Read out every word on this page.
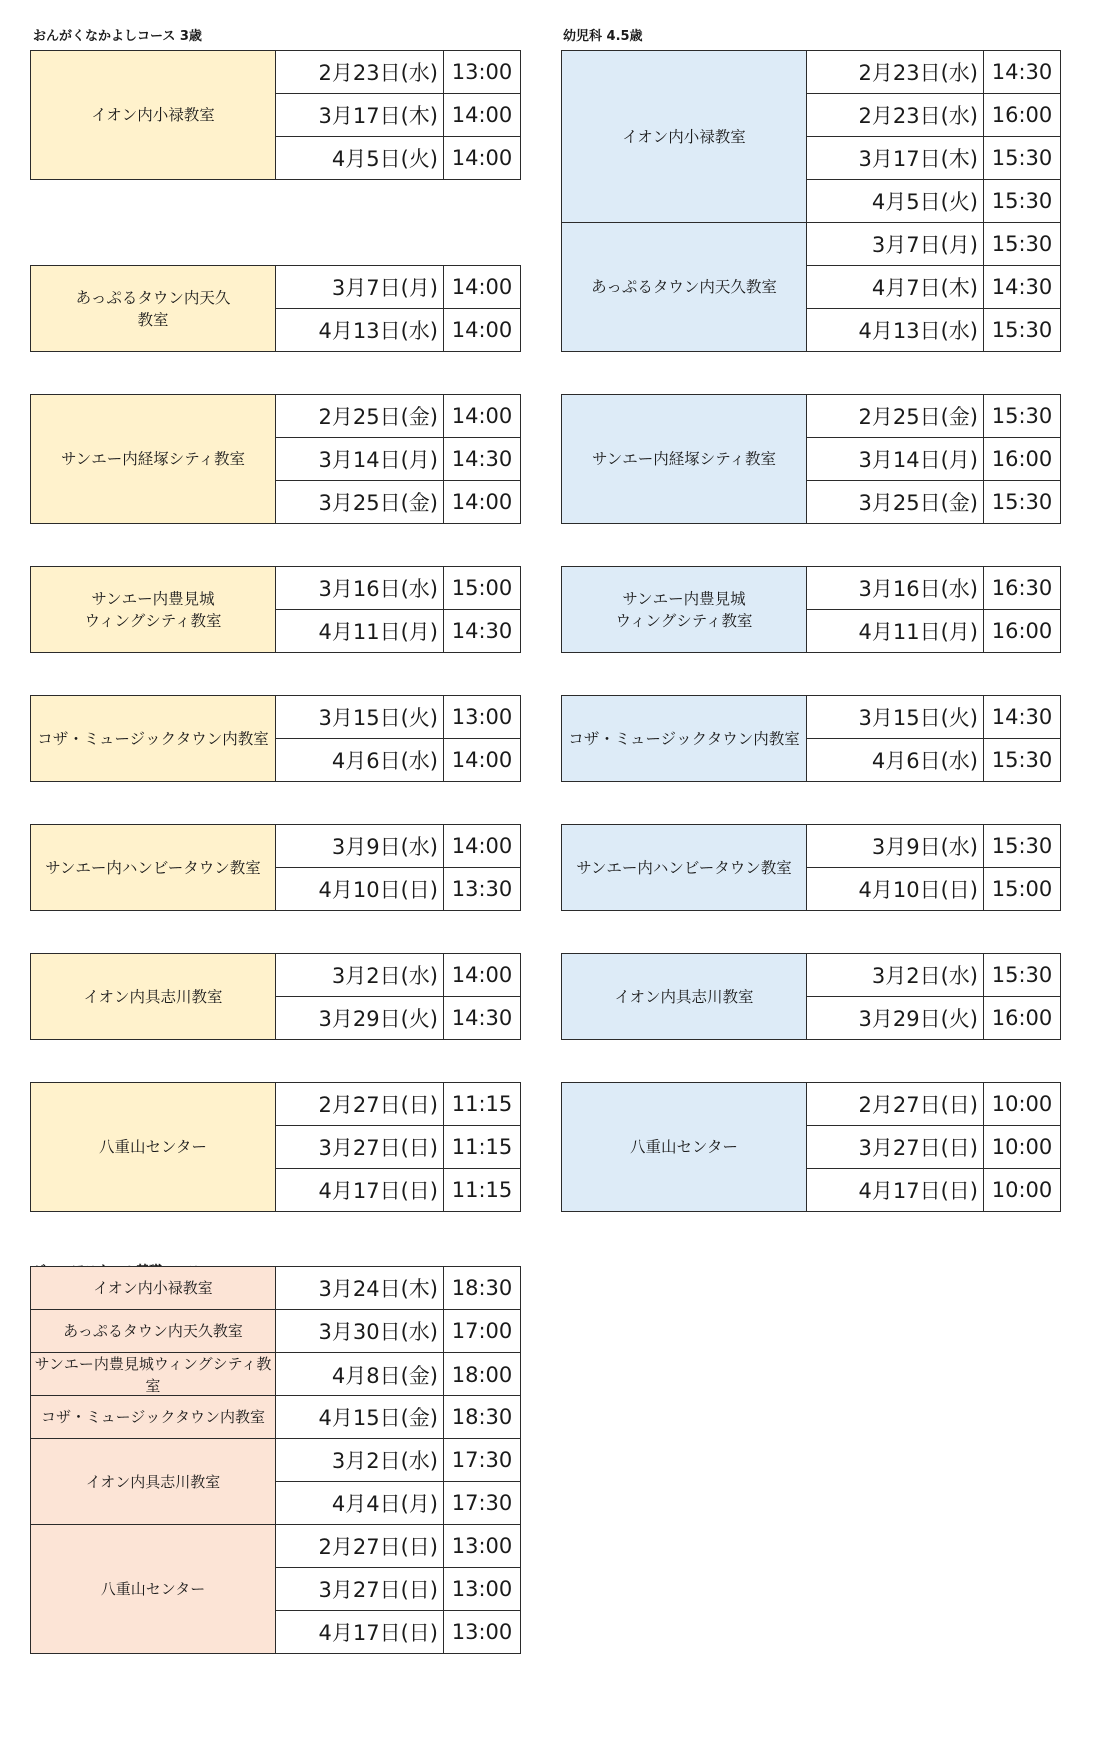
おんがくなかよしコース 3歳	幼児科 4.5歳
イオン内小禄教室	2月23日(水)	13:00
	3月17日(木)	14:00
	4月5日(火)	14:00
あっぷるタウン内天久
教室	3月7日(月)	14:00
	4月13日(水)	14:00
サンエー内経塚シティ教室	2月25日(金)	14:00
	3月14日(月)	14:30
	3月25日(金)	14:00
サンエー内豊見城
ウィングシティ教室	3月16日(水)	15:00
	4月11日(月)	14:30
コザ・ミュージックタウン内教室	3月15日(火)	13:00
	4月6日(水)	14:00
サンエー内ハンビータウン教室	3月9日(水)	14:00
	4月10日(日)	13:30
イオン内具志川教室	3月2日(水)	14:00
	3月29日(火)	14:30
八重山センター	2月27日(日)	11:15
	3月27日(日)	11:15
	4月17日(日)	11:15
イオン内小禄教室	2月23日(水)	14:30
	2月23日(水)	16:00
	3月17日(木)	15:30
	4月5日(火)	15:30
あっぷるタウン内天久教室	3月7日(月)	15:30
	4月7日(木)	14:30
	4月13日(水)	15:30
サンエー内経塚シティ教室	2月25日(金)	15:30
	3月14日(月)	16:00
	3月25日(金)	15:30
サンエー内豊見城
ウィングシティ教室	3月16日(水)	16:30
	4月11日(月)	16:00
コザ・ミュージックタウン内教室	3月15日(火)	14:30
	4月6日(水)	15:30
サンエー内ハンビータウン教室	3月9日(水)	15:30
	4月10日(日)	15:00
イオン内具志川教室	3月2日(水)	15:30
	3月29日(火)	16:00
八重山センター	2月27日(日)	10:00
	3月27日(日)	10:00
	4月17日(日)	10:00
イオン内小禄教室	3月24日(木)	18:30
あっぷるタウン内天久教室	3月30日(水)	17:00
サンエー内豊見城ウィングシティ教室	4月8日(金)	18:00
コザ・ミュージックタウン内教室	4月15日(金)	18:30
イオン内具志川教室	3月2日(水)	17:30
	4月4日(月)	17:30
八重山センター	2月27日(日)	13:00
	3月27日(日)	13:00
	4月17日(日)	13:00
